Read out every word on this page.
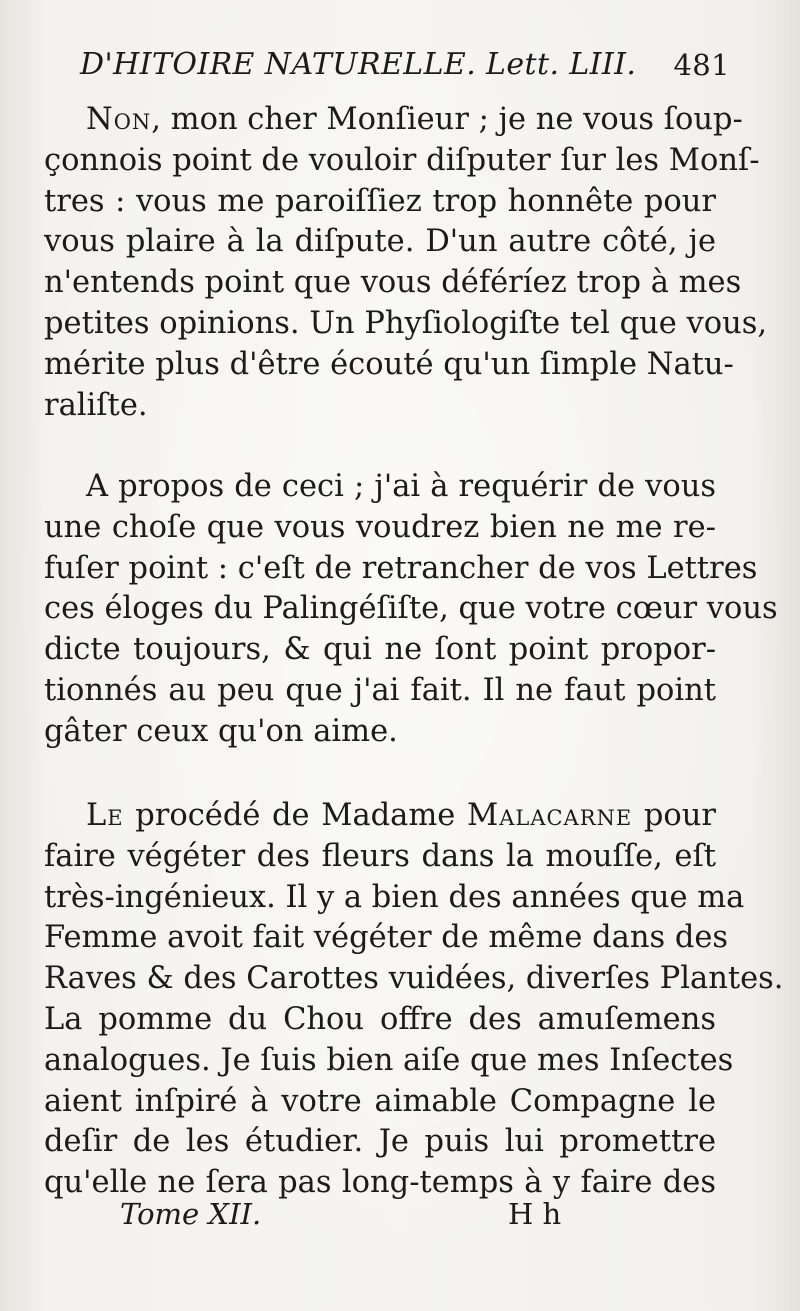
D'HITOIRE NATURELLE. Lett. LIII. 481
Non, mon cher Monſieur ; je ne vous ſoup-
çonnois point de vouloir diſputer ſur les Monſ-
tres : vous me paroiſſiez trop honnête pour
vous plaire à la diſpute. D'un autre côté, je
n'entends point que vous déféríez trop à mes
petites opinions. Un Phyſiologiſte tel que vous,
mérite plus d'être écouté qu'un ſimple Natu-
raliſte.
A propos de ceci ; j'ai à requérir de vous
une choſe que vous voudrez bien ne me re-
fuſer point : c'eſt de retrancher de vos Lettres
ces éloges du Palingéſiſte, que votre cœur vous
dicte toujours, & qui ne ſont point propor-
tionnés au peu que j'ai fait. Il ne faut point
gâter ceux qu'on aime.
Le procédé de Madame Malacarne pour
faire végéter des fleurs dans la mouſſe, eſt
très-ingénieux. Il y a bien des années que ma
Femme avoit fait végéter de même dans des
Raves & des Carottes vuidées, diverſes Plantes.
La pomme du Chou offre des amuſemens
analogues. Je ſuis bien aiſe que mes Inſectes
aient inſpiré à votre aimable Compagne le
deſir de les étudier. Je puis lui promettre
qu'elle ne ſera pas long-temps à y faire des
Tome XII.	H h
